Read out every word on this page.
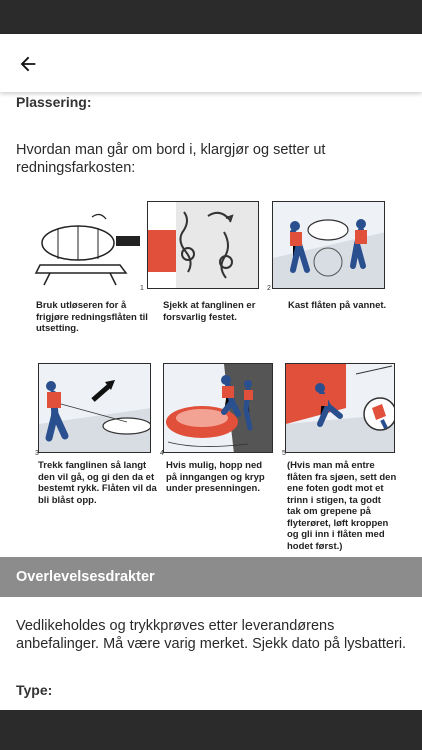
Plassering:
Hvordan man går om bord i, klargjør og setter ut redningsfarkosten:
1	2
Bruk utløseren for å frigjøre redningsflåten til utsetting.
Sjekk at fanglinen er forsvarlig festet.
Kast flåten på vannet.
3	4	5
Trekk fanglinen så langt den vil gå, og gi den da et bestemt rykk. Flåten vil da bli blåst opp.
Hvis mulig, hopp ned på inngangen og kryp under presenningen.
(Hvis man må entre flåten fra sjøen, sett den ene foten godt mot et trinn i stigen, ta godt tak om grepene på flyterøret, løft kroppen og gli inn i flåten med hodet først.)
Overlevelsesdrakter
Vedlikeholdes og trykkprøves etter leverandørens anbefalinger. Må være varig merket. Sjekk dato på lysbatteri.
Type:
